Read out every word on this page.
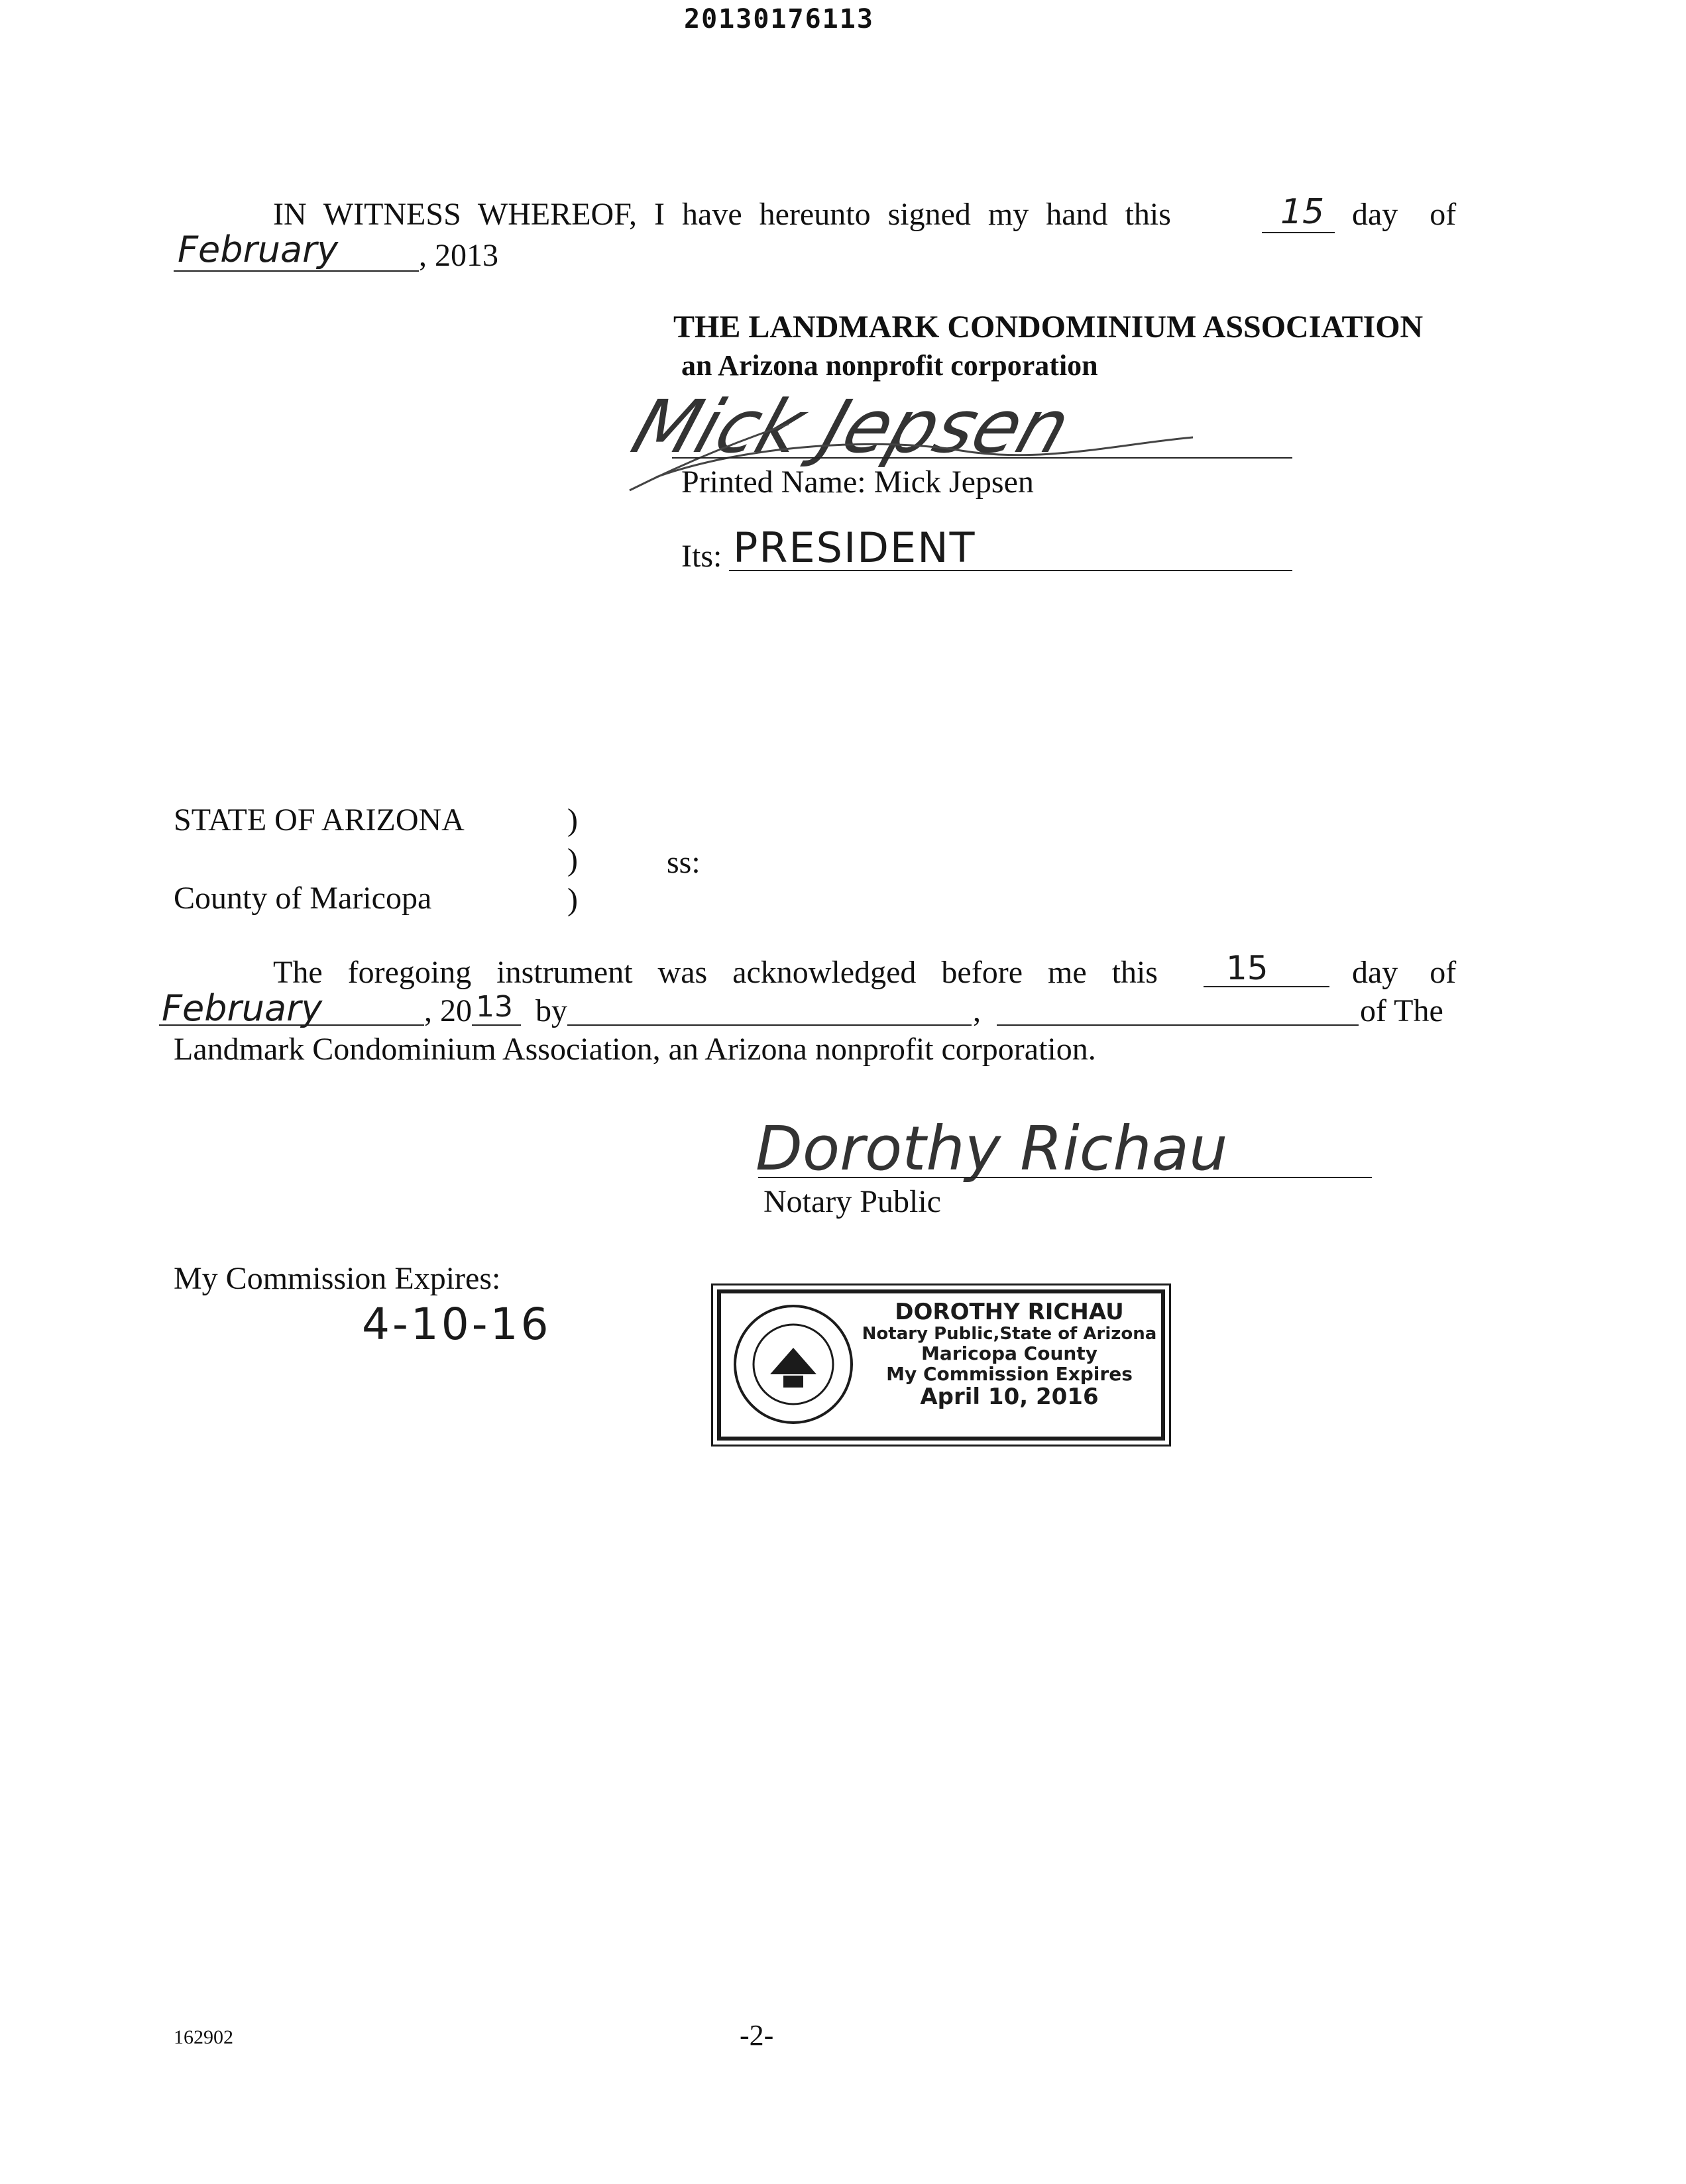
20130176113
IN WITNESS WHEREOF, I have hereunto signed my hand this	15 day of
February	, 2013
THE LANDMARK CONDOMINIUM ASSOCIATION
an Arizona nonprofit corporation
Mick Jepsen
Printed Name: Mick Jepsen
Its: PRESIDENT
STATE OF ARIZONA	)
)	ss:
County of Maricopa	)
The foregoing instrument was acknowledged before me this 15	day of
February	, 20 13 by	,	of The
Landmark Condominium Association, an Arizona nonprofit corporation.
Dorothy Richau
Notary Public
My Commission Expires:
4-10-16	DOROTHY RICHAU
Notary Public,State of Arizona
Maricopa County
My Commission Expires
April 10, 2016
162902	-2-
